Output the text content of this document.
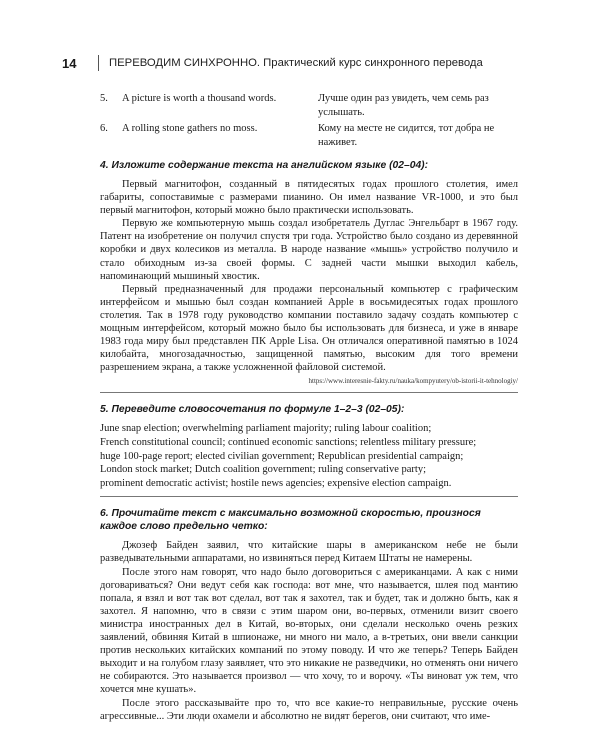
14	ПЕРЕВОДИМ СИНХРОННО. Практический курс синхронного перевода
5.	A picture is worth a thousand words.	Лучше один раз увидеть, чем семь раз услышать.
6.	A rolling stone gathers no moss.	Кому на месте не сидится, тот добра не наживет.
4. Изложите содержание текста на английском языке (02–04):

Первый магнитофон, созданный в пятидесятых годах прошлого столетия, имел габариты, сопоставимые с размерами пианино. Он имел название VR-1000, и это был первый магнитофон, который можно было практически использовать.

Первую же компьютерную мышь создал изобретатель Дуглас Энгельбарт в 1967 году. Патент на изобретение он получил спустя три года. Устройство было создано из деревянной коробки и двух колесиков из металла. В народе название «мышь» устройство получило и стало обиходным из-за своей формы. С задней части мышки выходил кабель, напоминающий мышиный хвостик.

Первый предназначенный для продажи персональный компьютер с графическим интерфейсом и мышью был создан компанией Apple в восьмидесятых годах прошлого столетия. Так в 1978 году руководство компании поставило задачу создать компьютер с мощным интерфейсом, который можно было бы использовать для бизнеса, и уже в январе 1983 года миру был представлен ПК Apple Lisa. Он отличался оперативной памятью в 1024 килобайта, многозадачностью, защищенной памятью, высоким для того времени разрешением экрана, а также усложненной файловой системой.

https://www.interesnie-fakty.ru/nauka/kompyutery/ob-istorii-it-tehnologiy/

5. Переведите словосочетания по формуле 1–2–3 (02–05):

June snap election; overwhelming parliament majority; ruling labour coalition;

French constitutional council; continued economic sanctions; relentless military pressure;

huge 100-page report; elected civilian government; Republican presidential campaign;

London stock market; Dutch coalition government; ruling conservative party;

prominent democratic activist; hostile news agencies; expensive election campaign.

6. Прочитайте текст с максимально возможной скоростью, произнося каждое слово предельно четко:

Джозеф Байден заявил, что китайские шары в американском небе не были разведывательными аппаратами, но извиняться перед Китаем Штаты не намерены.

После этого нам говорят, что надо было договориться с американцами. А как с ними договариваться? Они ведут себя как господа: вот мне, что называется, шлея под мантию попала, я взял и вот так вот сделал, вот так я захотел, так и будет, так и должно быть, как я захотел. Я напомню, что в связи с этим шаром они, во-первых, отменили визит своего министра иностранных дел в Китай, во-вторых, они сделали несколько очень резких заявлений, обвиняя Китай в шпионаже, ни много ни мало, а в-третьих, они ввели санкции против нескольких китайских компаний по этому поводу. И что же теперь? Теперь Байден выходит и на голубом глазу заявляет, что это никакие не разведчики, но отменять они ничего не собираются. Это называется произвол — что хочу, то и ворочу. «Ты виноват уж тем, что хочется мне кушать».

После этого рассказывайте про то, что все какие-то неправильные, русские очень агрессивные... Эти люди охамели и абсолютно не видят берегов, они считают, что име-
